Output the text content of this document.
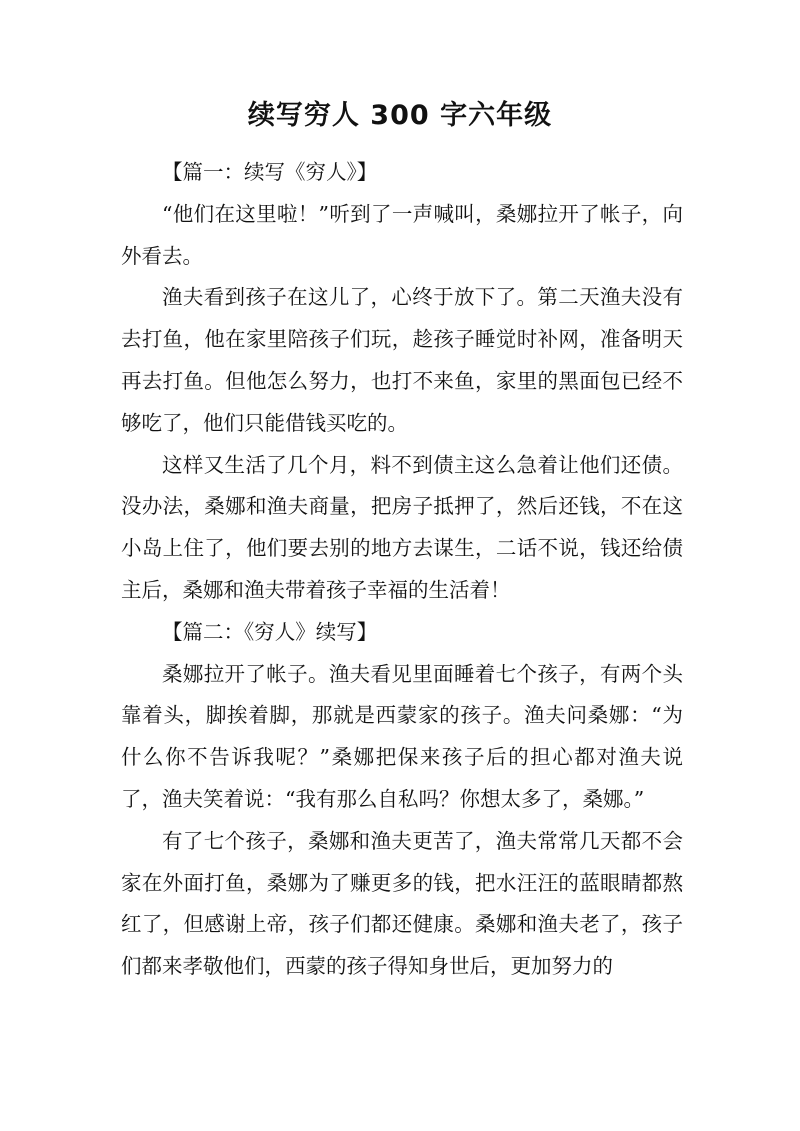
续写穷人 300 字六年级

【篇一：续写《穷人》】

“他们在这里啦！”听到了一声喊叫，桑娜拉开了帐子，向外看去。

渔夫看到孩子在这儿了，心终于放下了。第二天渔夫没有去打鱼，他在家里陪孩子们玩，趁孩子睡觉时补网，准备明天再去打鱼。但他怎么努力，也打不来鱼，家里的黑面包已经不够吃了，他们只能借钱买吃的。

这样又生活了几个月，料不到债主这么急着让他们还债。没办法，桑娜和渔夫商量，把房子抵押了，然后还钱，不在这小岛上住了，他们要去别的地方去谋生，二话不说，钱还给债主后，桑娜和渔夫带着孩子幸福的生活着！

【篇二：《穷人》续写】

桑娜拉开了帐子。渔夫看见里面睡着七个孩子，有两个头靠着头，脚挨着脚，那就是西蒙家的孩子。渔夫问桑娜：“为什么你不告诉我呢？”桑娜把保来孩子后的担心都对渔夫说了，渔夫笑着说：“我有那么自私吗？你想太多了，桑娜。”

有了七个孩子，桑娜和渔夫更苦了，渔夫常常几天都不会家在外面打鱼，桑娜为了赚更多的钱，把水汪汪的蓝眼睛都熬红了，但感谢上帝，孩子们都还健康。桑娜和渔夫老了，孩子们都来孝敬他们，西蒙的孩子得知身世后，更加努力的
